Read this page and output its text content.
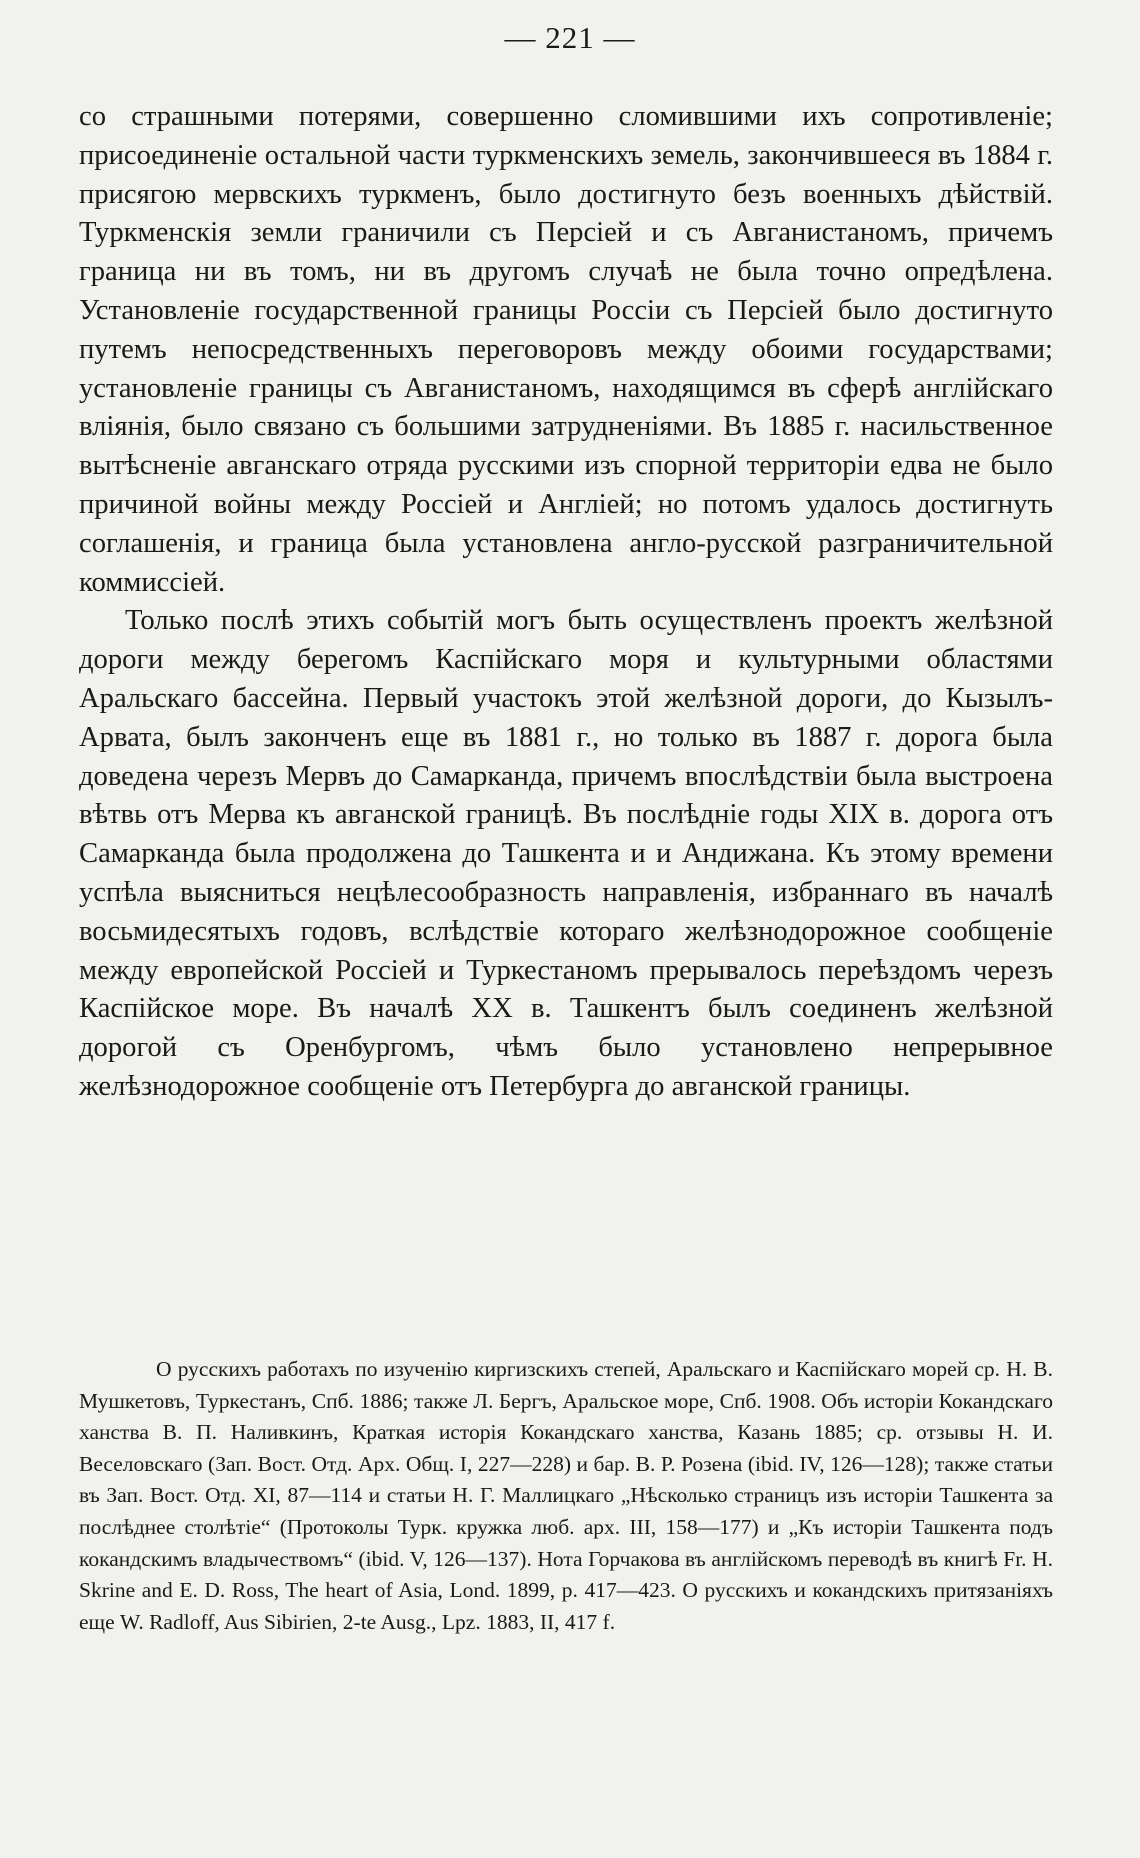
— 221 —

со страшными потерями, совершенно сломившими ихъ сопротивленiе; присоединенiе остальной части туркменскихъ земель, закончившееся въ 1884 г. присягою мервскихъ туркменъ, было достигнуто безъ военныхъ дѣйствiй. Туркменскiя земли граничили съ Персiей и съ Авганистаномъ, причемъ граница ни въ томъ, ни въ другомъ случаѣ не была точно опредѣлена. Установленiе государственной границы Россiи съ Персiей было достигнуто путемъ непосредственныхъ переговоровъ между обоими государствами; установленiе границы съ Авганистаномъ, находящимся въ сферѣ англiйскаго влiянiя, было связано съ большими затрудненiями. Въ 1885 г. насильственное вытѣсненiе авганскаго отряда русскими изъ спорной территорiи едва не было причиной войны между Россiей и Англiей; но потомъ удалось достигнуть соглашенiя, и граница была установлена англо-русской разграничительной коммиссiей.

Только послѣ этихъ событiй могъ быть осуществленъ проектъ желѣзной дороги между берегомъ Каспiйскаго моря и культурными областями Аральскаго бассейна. Первый участокъ этой желѣзной дороги, до Кызылъ-Арвата, былъ законченъ еще въ 1881 г., но только въ 1887 г. дорога была доведена черезъ Мервъ до Самарканда, причемъ впослѣдствiи была выстроена вѣтвь отъ Мерва къ авганской границѣ. Въ послѣднiе годы XIX в. дорога отъ Самарканда была продолжена до Ташкента и и Андижана. Къ этому времени успѣла выясниться нецѣлесообразность направленiя, избраннаго въ началѣ восьмидесятыхъ годовъ, вслѣдствiе котораго желѣзнодорожное сообщенiе между европейской Россiей и Туркестаномъ прерывалось переѣздомъ черезъ Каспiйское море. Въ началѣ XX в. Ташкентъ былъ соединенъ желѣзной дорогой съ Оренбургомъ, чѣмъ было установлено непрерывное желѣзнодорожное сообщенiе отъ Петербурга до авганской границы.

О русскихъ работахъ по изученiю киргизскихъ степей, Аральскаго и Каспiйскаго морей ср. Н. В. Мушкетовъ, Туркестанъ, Спб. 1886; также Л. Бергъ, Аральское море, Спб. 1908. Объ исторiи Кокандскаго ханства В. П. Наливкинъ, Краткая исторiя Кокандскаго ханства, Казань 1885; ср. отзывы Н. И. Веселовскаго (Зап. Вост. Отд. Арх. Общ. I, 227—228) и бар. В. Р. Розена (ibid. IV, 126—128); также статьи въ Зап. Вост. Отд. XI, 87—114 и статьи Н. Г. Маллицкаго „Нѣсколько страницъ изъ исторiи Ташкента за послѣднее столѣтiе“ (Протоколы Турк. кружка люб. арх. III, 158—177) и „Къ исторiи Ташкента подъ кокандскимъ владычествомъ“ (ibid. V, 126—137). Нота Горчакова въ англiйскомъ переводѣ въ книгѣ Fr. H. Skrine and E. D. Ross, The heart of Asia, Lond. 1899, p. 417—423. О русскихъ и кокандскихъ притязанiяхъ еще W. Radloff, Aus Sibirien, 2-te Ausg., Lpz. 1883, II, 417 f.
